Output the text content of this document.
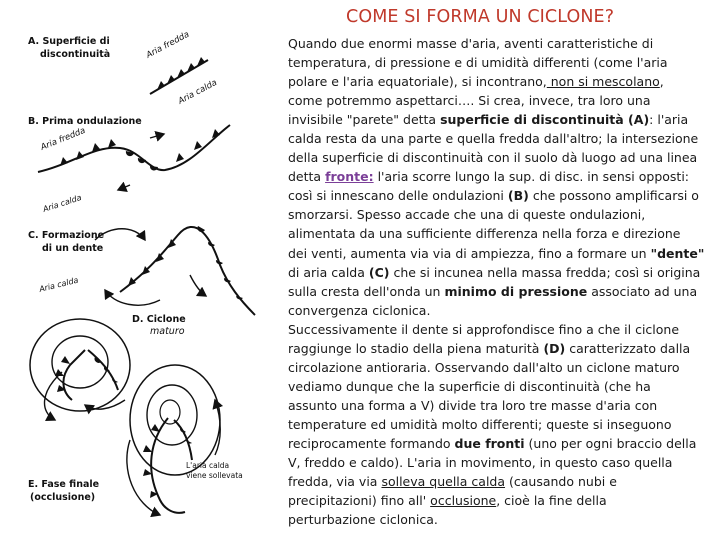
COME SI FORMA UN CICLONE?
A. Superficie di
discontinuità	Aria fredda
Aria calda
B. Prima ondulazione
Aria fredda
Aria calda
C. Formazione
di un dente
Aria calda
D. Ciclone
maturo
E. Fase finale
(occlusione)
L'aria calda
viene sollevata
Quando due enormi masse d'aria, aventi caratteristiche di
temperatura, di pressione e di umidità differenti (come l'aria
polare e l'aria equatoriale), si incontrano, non si mescolano,
come potremmo aspettarci…. Si crea, invece, tra loro una
invisibile "parete" detta superficie di discontinuità (A): l'aria
calda resta da una parte e quella fredda dall'altro; la intersezione
della superficie di discontinuità con il suolo dà luogo ad una linea
detta fronte: l'aria scorre lungo la sup. di disc. in sensi opposti:
così si innescano delle ondulazioni (B) che possono amplificarsi o
smorzarsi. Spesso accade che una di queste ondulazioni,
alimentata da una sufficiente differenza nella forza e direzione
dei venti, aumenta via via di ampiezza, fino a formare un "dente"
di aria calda (C) che si incunea nella massa fredda; così si origina
sulla cresta dell'onda un minimo di pressione associato ad una
convergenza ciclonica.
Successivamente il dente si approfondisce fino a che il ciclone
raggiunge lo stadio della piena maturità (D) caratterizzato dalla
circolazione antioraria. Osservando dall'alto un ciclone maturo
vediamo dunque che la superficie di discontinuità (che ha
assunto una forma a V) divide tra loro tre masse d'aria con
temperature ed umidità molto differenti; queste si inseguono
reciprocamente formando due fronti (uno per ogni braccio della
V, freddo e caldo). L'aria in movimento, in questo caso quella
fredda, via via solleva quella calda (causando nubi e
precipitazioni) fino all' occlusione, cioè la fine della
perturbazione ciclonica.
